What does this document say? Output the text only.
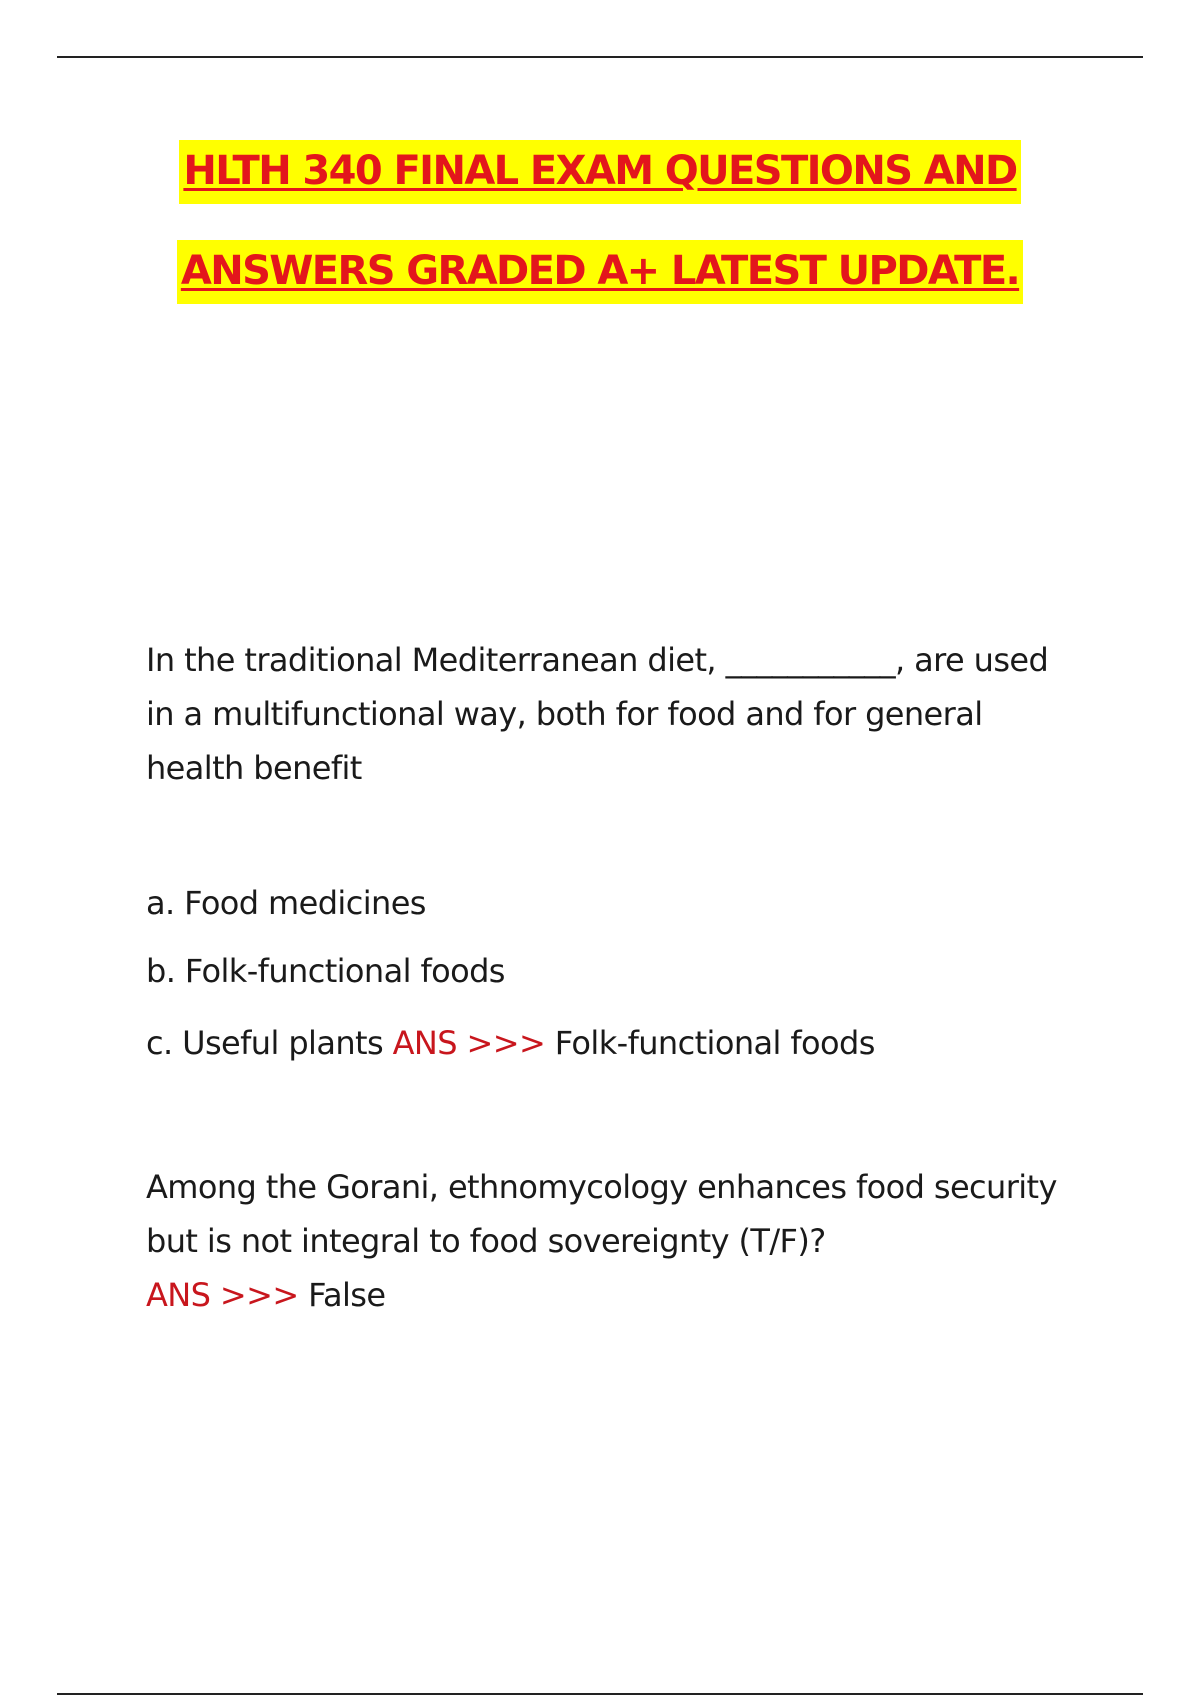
HLTH 340 FINAL EXAM QUESTIONS AND
ANSWERS GRADED A+ LATEST UPDATE.
In the traditional Mediterranean diet, ___________, are used in a multifunctional way, both for food and for general health benefit
a. Food medicines
b. Folk-functional foods
c. Useful plants ANS >>> Folk-functional foods
Among the Gorani, ethnomycology enhances food security but is not integral to food sovereignty (T/F)?
ANS >>> False
